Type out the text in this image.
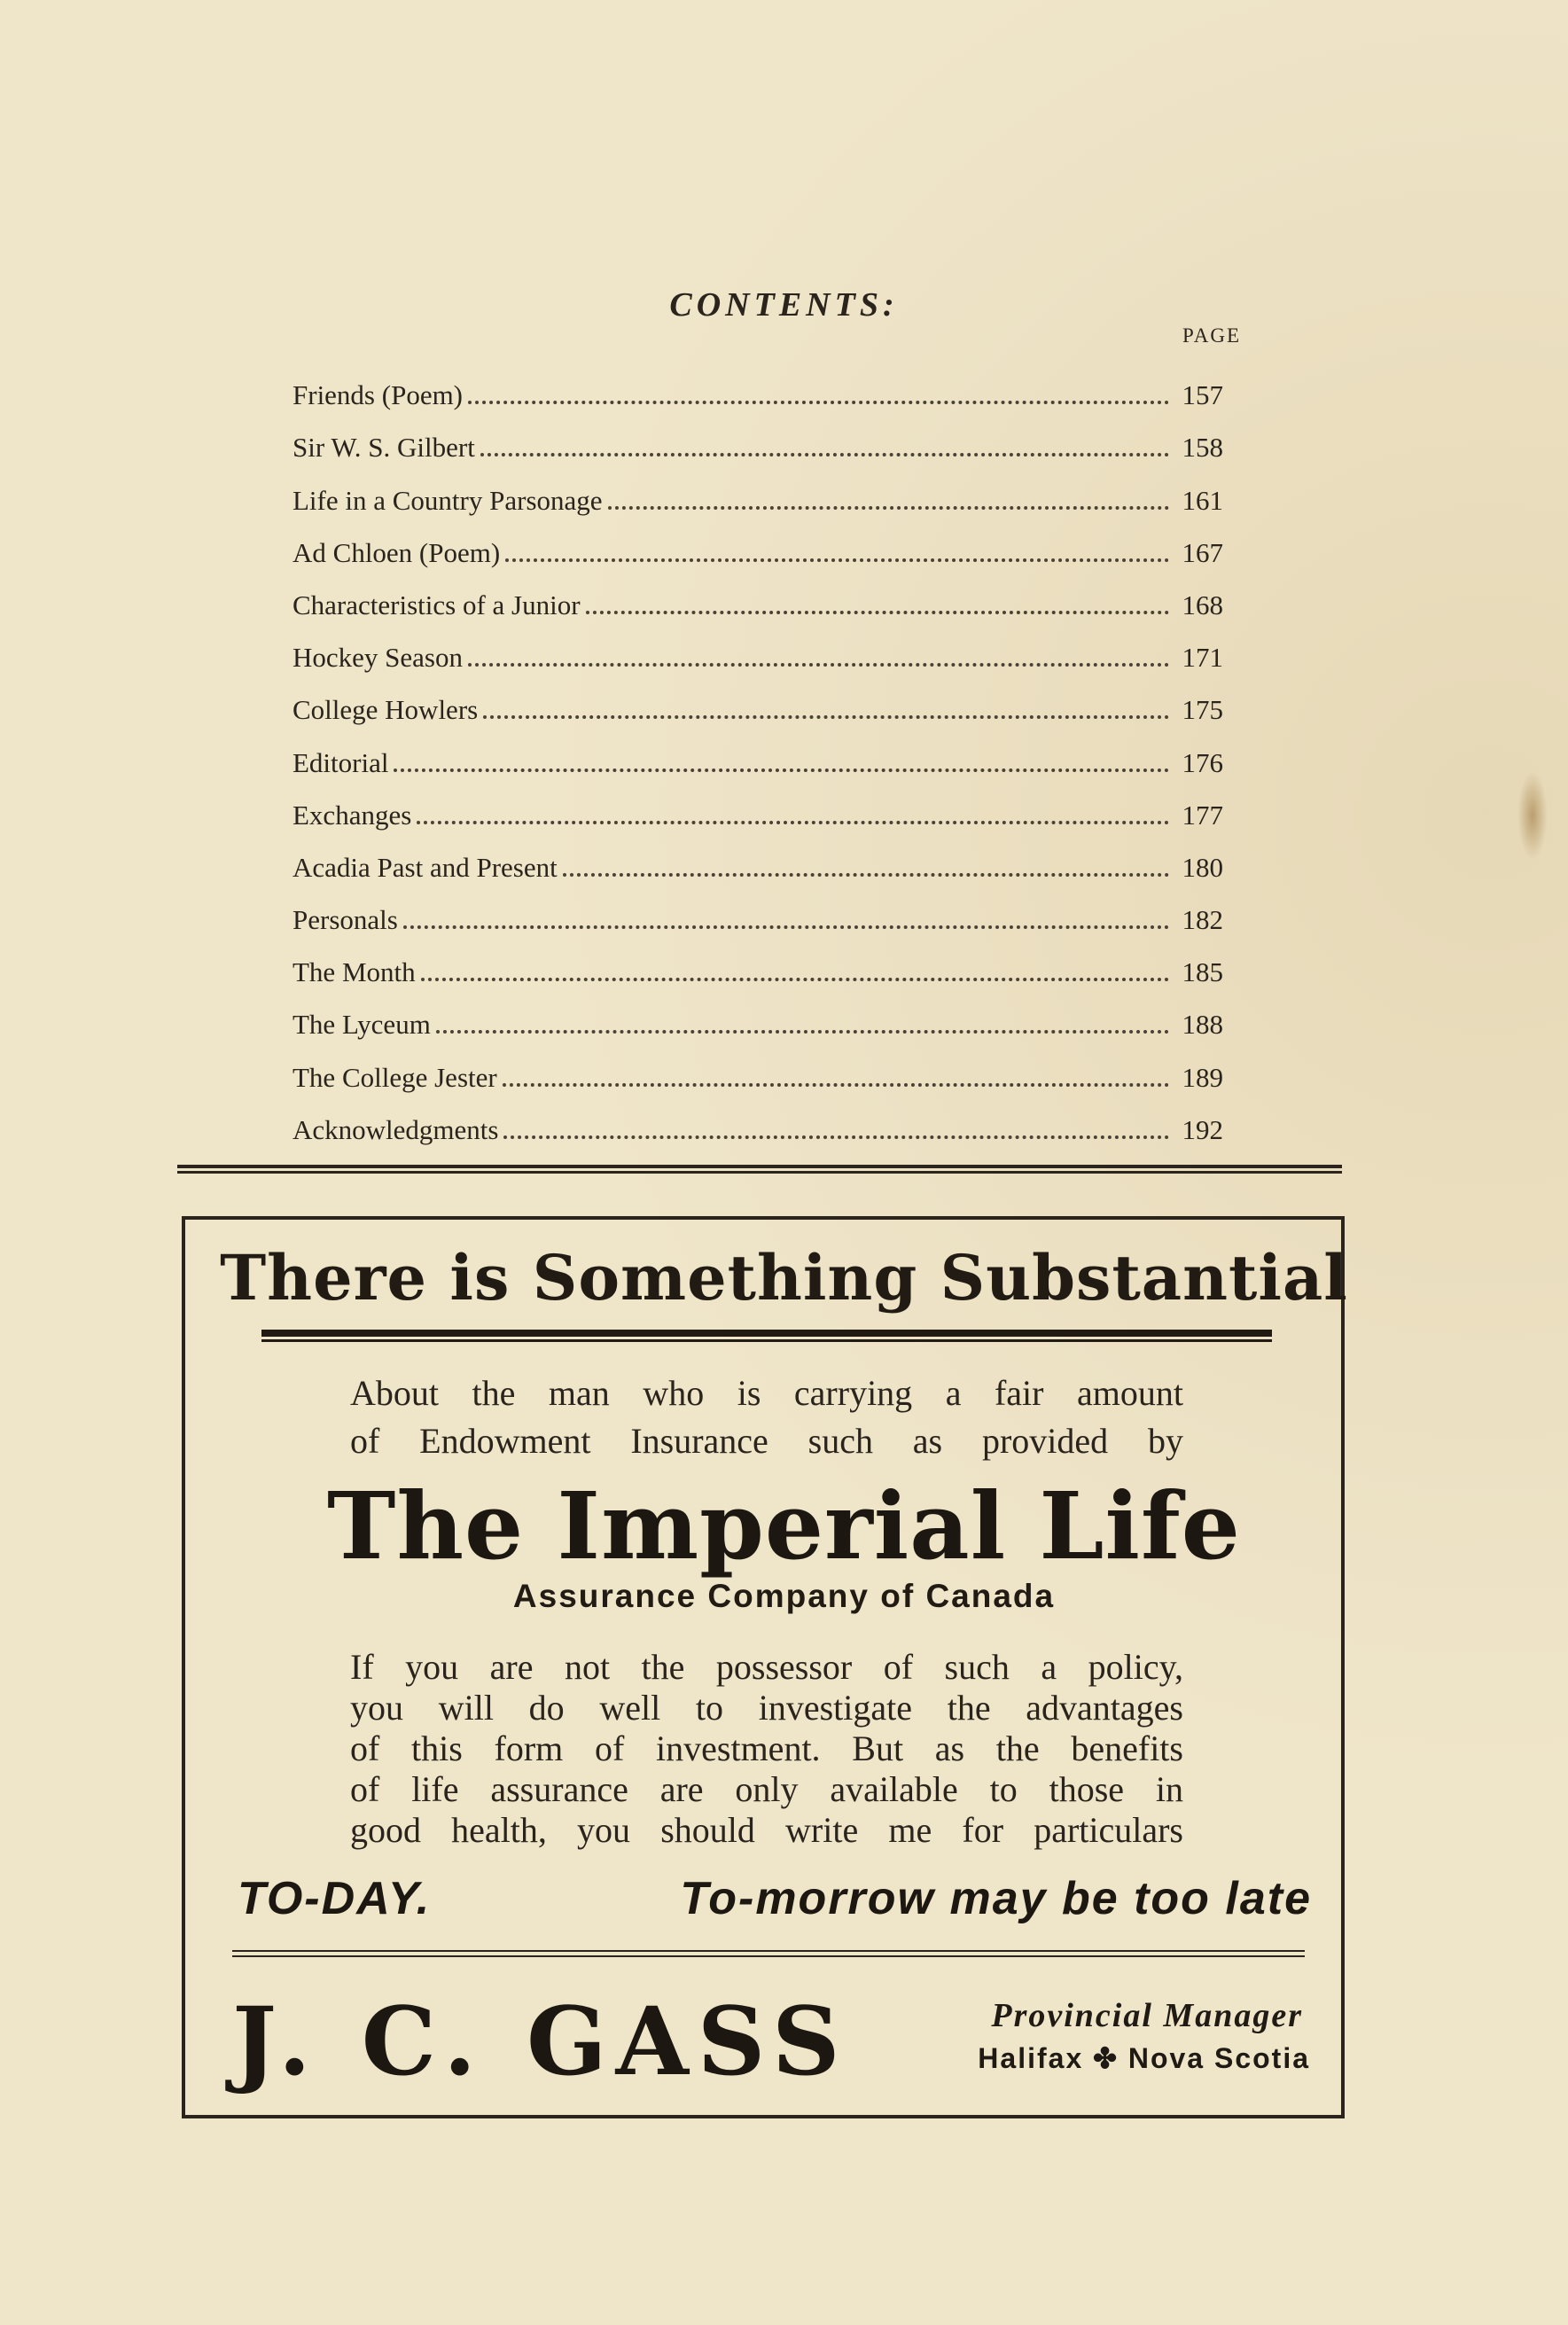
CONTENTS:
PAGE
Friends (Poem)	157
Sir W. S. Gilbert	158
Life in a Country Parsonage	161
Ad Chloen (Poem)	167
Characteristics of a Junior	168
Hockey Season	171
College Howlers	175
Editorial	176
Exchanges	177
Acadia Past and Present	180
Personals	182
The Month	185
The Lyceum	188
The College Jester	189
Acknowledgments	192
There is Something Substantial
About the man who is carrying a fair amount
of Endowment Insurance such as provided by
The Imperial Life
Assurance Company of Canada
If you are not the possessor of such a policy,
you will do well to investigate the advantages
of this form of investment. But as the benefits
of life assurance are only available to those in
good health, you should write me for particulars
TO-DAY.	To-morrow may be too late
J. C. GASS	Provincial Manager
Halifax ✤ Nova Scotia
